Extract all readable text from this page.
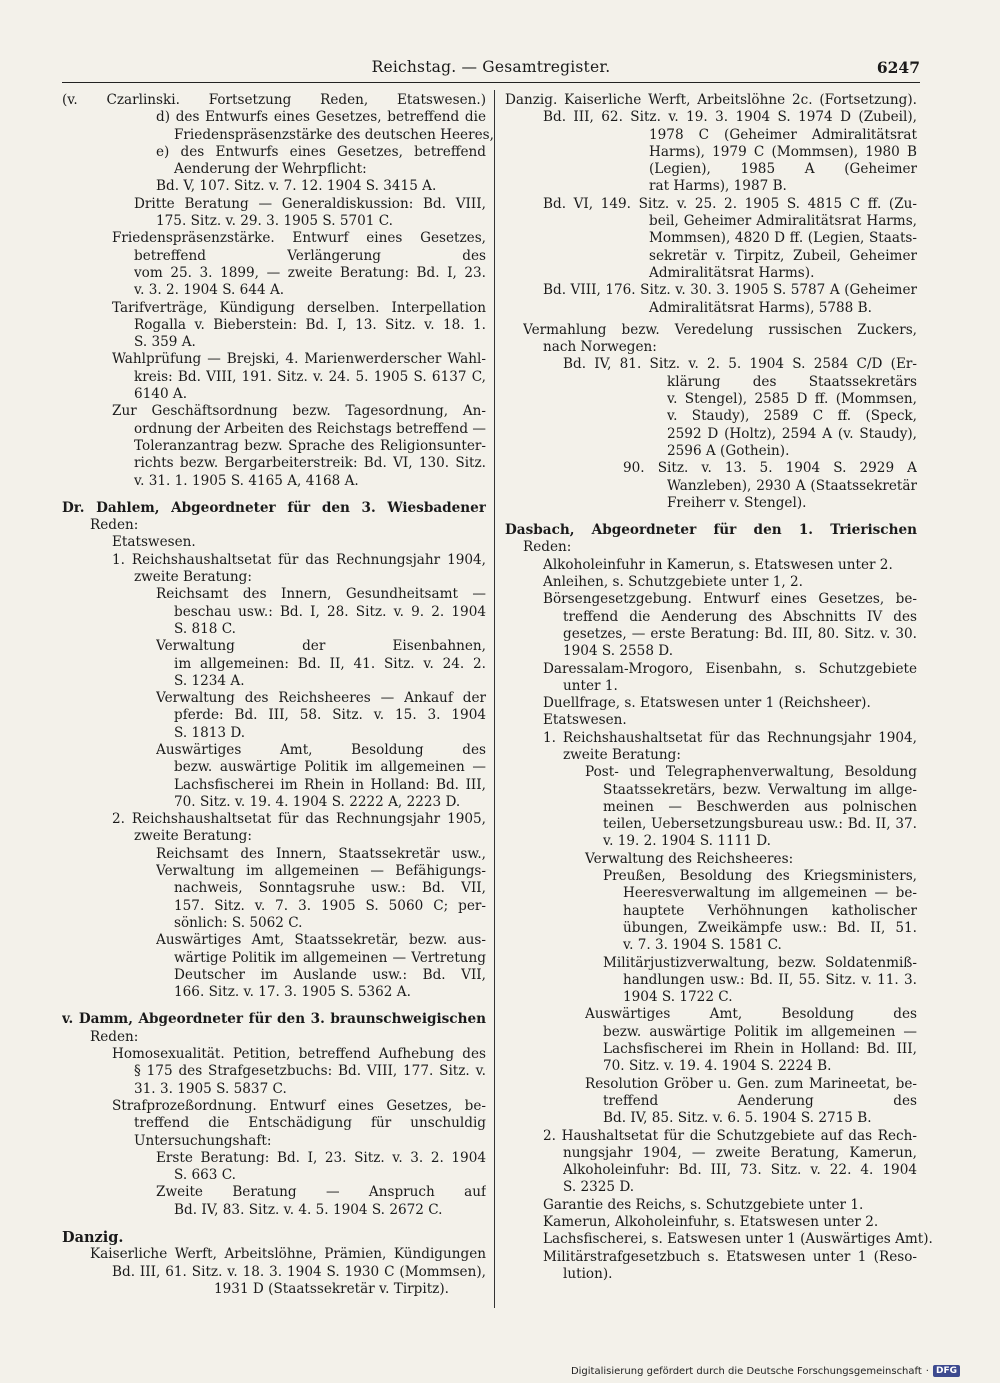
Reichstag. — Gesamtregister.	6247
(v. Czarlinski. Fortsetzung Reden, Etatswesen.)
d) des Entwurfs eines Gesetzes, betreffend die
Friedenspräsenzstärke des deutschen Heeres,
e) des Entwurfs eines Gesetzes, betreffend
Aenderung der Wehrpflicht:
Bd. V, 107. Sitz. v. 7. 12. 1904 S. 3415 A.
Dritte Beratung — Generaldiskussion: Bd. VIII,
175. Sitz. v. 29. 3. 1905 S. 5701 C.
Friedenspräsenzstärke. Entwurf eines Gesetzes,
betreffend Verlängerung des
vom 25. 3. 1899, — zweite Beratung: Bd. I, 23.
v. 3. 2. 1904 S. 644 A.
Tarifverträge, Kündigung derselben. Interpellation
Rogalla v. Bieberstein: Bd. I, 13. Sitz. v. 18. 1.
S. 359 A.
Wahlprüfung — Brejski, 4. Marienwerderscher Wahl-
kreis: Bd. VIII, 191. Sitz. v. 24. 5. 1905 S. 6137 C,
6140 A.
Zur Geschäftsordnung bezw. Tagesordnung, An-
ordnung der Arbeiten des Reichstags betreffend —
Toleranzantrag bezw. Sprache des Religionsunter-
richts bezw. Bergarbeiterstreik: Bd. VI, 130. Sitz.
v. 31. 1. 1905 S. 4165 A, 4168 A.
Dr. Dahlem, Abgeordneter für den 3. Wiesbadener
Reden:
Etatswesen.
1. Reichshaushaltsetat für das Rechnungsjahr 1904,
zweite Beratung:
Reichsamt des Innern, Gesundheitsamt —
beschau usw.: Bd. I, 28. Sitz. v. 9. 2. 1904
S. 818 C.
Verwaltung der Eisenbahnen,
im allgemeinen: Bd. II, 41. Sitz. v. 24. 2.
S. 1234 A.
Verwaltung des Reichsheeres — Ankauf der
pferde: Bd. III, 58. Sitz. v. 15. 3. 1904
S. 1813 D.
Auswärtiges Amt, Besoldung des
bezw. auswärtige Politik im allgemeinen —
Lachsfischerei im Rhein in Holland: Bd. III,
70. Sitz. v. 19. 4. 1904 S. 2222 A, 2223 D.
2. Reichshaushaltsetat für das Rechnungsjahr 1905,
zweite Beratung:
Reichsamt des Innern, Staatssekretär usw.,
Verwaltung im allgemeinen — Befähigungs-
nachweis, Sonntagsruhe usw.: Bd. VII,
157. Sitz. v. 7. 3. 1905 S. 5060 C; per-
sönlich: S. 5062 C.
Auswärtiges Amt, Staatssekretär, bezw. aus-
wärtige Politik im allgemeinen — Vertretung
Deutscher im Auslande usw.: Bd. VII,
166. Sitz. v. 17. 3. 1905 S. 5362 A.
v. Damm, Abgeordneter für den 3. braunschweigischen
Reden:
Homosexualität. Petition, betreffend Aufhebung des
§ 175 des Strafgesetzbuchs: Bd. VIII, 177. Sitz. v.
31. 3. 1905 S. 5837 C.
Strafprozeßordnung. Entwurf eines Gesetzes, be-
treffend die Entschädigung für unschuldig
Untersuchungshaft:
Erste Beratung: Bd. I, 23. Sitz. v. 3. 2. 1904
S. 663 C.
Zweite Beratung — Anspruch auf
Bd. IV, 83. Sitz. v. 4. 5. 1904 S. 2672 C.
Danzig.
Kaiserliche Werft, Arbeitslöhne, Prämien, Kündigungen
Bd. III, 61. Sitz. v. 18. 3. 1904 S. 1930 C (Mommsen),
1931 D (Staatssekretär v. Tirpitz).
Danzig. Kaiserliche Werft, Arbeitslöhne 2c. (Fortsetzung).
Bd. III, 62. Sitz. v. 19. 3. 1904 S. 1974 D (Zubeil),
1978 C (Geheimer Admiralitätsrat
Harms), 1979 C (Mommsen), 1980 B
(Legien), 1985 A (Geheimer
rat Harms), 1987 B.
Bd. VI, 149. Sitz. v. 25. 2. 1905 S. 4815 C ff. (Zu-
beil, Geheimer Admiralitätsrat Harms,
Mommsen), 4820 D ff. (Legien, Staats-
sekretär v. Tirpitz, Zubeil, Geheimer
Admiralitätsrat Harms).
Bd. VIII, 176. Sitz. v. 30. 3. 1905 S. 5787 A (Geheimer
Admiralitätsrat Harms), 5788 B.
Vermahlung bezw. Veredelung russischen Zuckers,
nach Norwegen:
Bd. IV, 81. Sitz. v. 2. 5. 1904 S. 2584 C/D (Er-
klärung des Staatssekretärs
v. Stengel), 2585 D ff. (Mommsen,
v. Staudy), 2589 C ff. (Speck,
2592 D (Holtz), 2594 A (v. Staudy),
2596 A (Gothein).
90. Sitz. v. 13. 5. 1904 S. 2929 A
Wanzleben), 2930 A (Staatssekretär
Freiherr v. Stengel).
Dasbach, Abgeordneter für den 1. Trierischen
Reden:
Alkoholeinfuhr in Kamerun, s. Etatswesen unter 2.
Anleihen, s. Schutzgebiete unter 1, 2.
Börsengesetzgebung. Entwurf eines Gesetzes, be-
treffend die Aenderung des Abschnitts IV des
gesetzes, — erste Beratung: Bd. III, 80. Sitz. v. 30.
1904 S. 2558 D.
Daressalam-Mrogoro, Eisenbahn, s. Schutzgebiete
unter 1.
Duellfrage, s. Etatswesen unter 1 (Reichsheer).
Etatswesen.
1. Reichshaushaltsetat für das Rechnungsjahr 1904,
zweite Beratung:
Post- und Telegraphenverwaltung, Besoldung
Staatssekretärs, bezw. Verwaltung im allge-
meinen — Beschwerden aus polnischen
teilen, Uebersetzungsbureau usw.: Bd. II, 37.
v. 19. 2. 1904 S. 1111 D.
Verwaltung des Reichsheeres:
Preußen, Besoldung des Kriegsministers,
Heeresverwaltung im allgemeinen — be-
hauptete Verhöhnungen katholischer
übungen, Zweikämpfe usw.: Bd. II, 51.
v. 7. 3. 1904 S. 1581 C.
Militärjustizverwaltung, bezw. Soldatenmiß-
handlungen usw.: Bd. II, 55. Sitz. v. 11. 3.
1904 S. 1722 C.
Auswärtiges Amt, Besoldung des
bezw. auswärtige Politik im allgemeinen —
Lachsfischerei im Rhein in Holland: Bd. III,
70. Sitz. v. 19. 4. 1904 S. 2224 B.
Resolution Gröber u. Gen. zum Marineetat, be-
treffend Aenderung des
Bd. IV, 85. Sitz. v. 6. 5. 1904 S. 2715 B.
2. Haushaltsetat für die Schutzgebiete auf das Rech-
nungsjahr 1904, — zweite Beratung, Kamerun,
Alkoholeinfuhr: Bd. III, 73. Sitz. v. 22. 4. 1904
S. 2325 D.
Garantie des Reichs, s. Schutzgebiete unter 1.
Kamerun, Alkoholeinfuhr, s. Etatswesen unter 2.
Lachsfischerei, s. Eatswesen unter 1 (Auswärtiges Amt).
Militärstrafgesetzbuch s. Etatswesen unter 1 (Reso-
lution).
Digitalisierung gefördert durch die Deutsche Forschungsgemeinschaft · DFG
